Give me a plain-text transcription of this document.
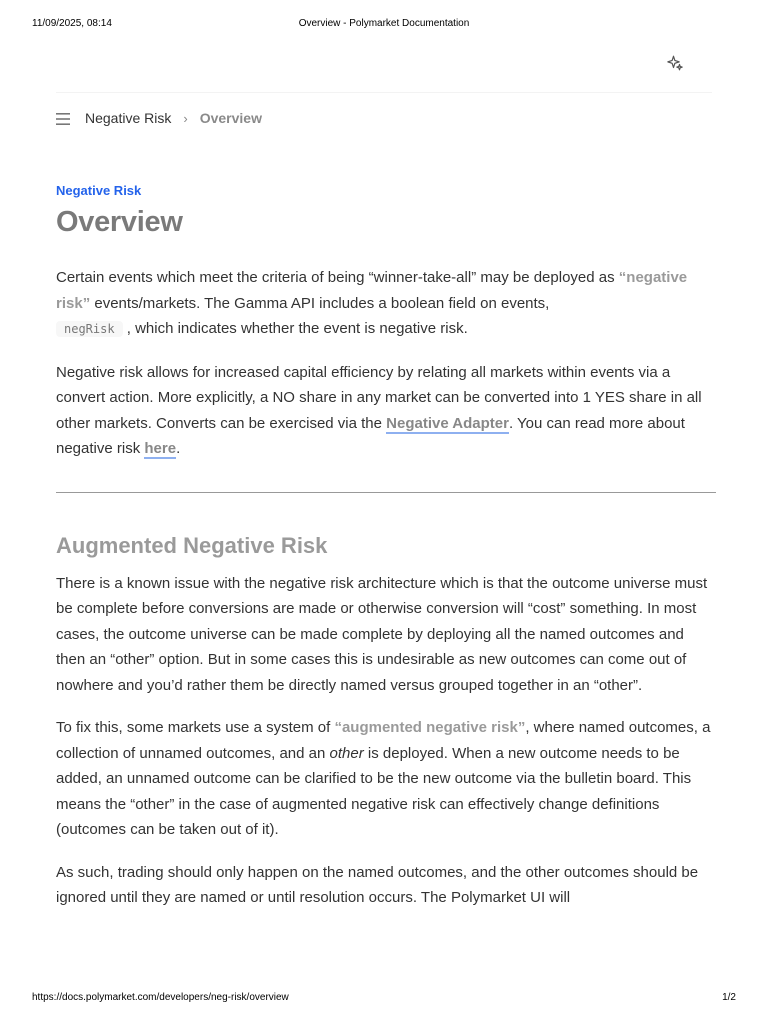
11/09/2025, 08:14	Overview - Polymarket Documentation
Negative Risk › Overview
Negative Risk
Overview

Certain events which meet the criteria of being “winner-take-all” may be deployed as “negative risk” events/markets. The Gamma API includes a boolean field on events,
negRisk , which indicates whether the event is negative risk.

Negative risk allows for increased capital efficiency by relating all markets within events via a convert action. More explicitly, a NO share in any market can be converted into 1 YES share in all other markets. Converts can be exercised via the Negative Adapter. You can read more about negative risk here.

Augmented Negative Risk

There is a known issue with the negative risk architecture which is that the outcome universe must be complete before conversions are made or otherwise conversion will “cost” something. In most cases, the outcome universe can be made complete by deploying all the named outcomes and then an “other” option. But in some cases this is undesirable as new outcomes can come out of nowhere and you’d rather them be directly named versus grouped together in an “other”.

To fix this, some markets use a system of “augmented negative risk”, where named outcomes, a collection of unnamed outcomes, and an other is deployed. When a new outcome needs to be added, an unnamed outcome can be clarified to be the new outcome via the bulletin board. This means the “other” in the case of augmented negative risk can effectively change definitions (outcomes can be taken out of it).

As such, trading should only happen on the named outcomes, and the other outcomes should be ignored until they are named or until resolution occurs. The Polymarket UI will

https://docs.polymarket.com/developers/neg-risk/overview	1/2
